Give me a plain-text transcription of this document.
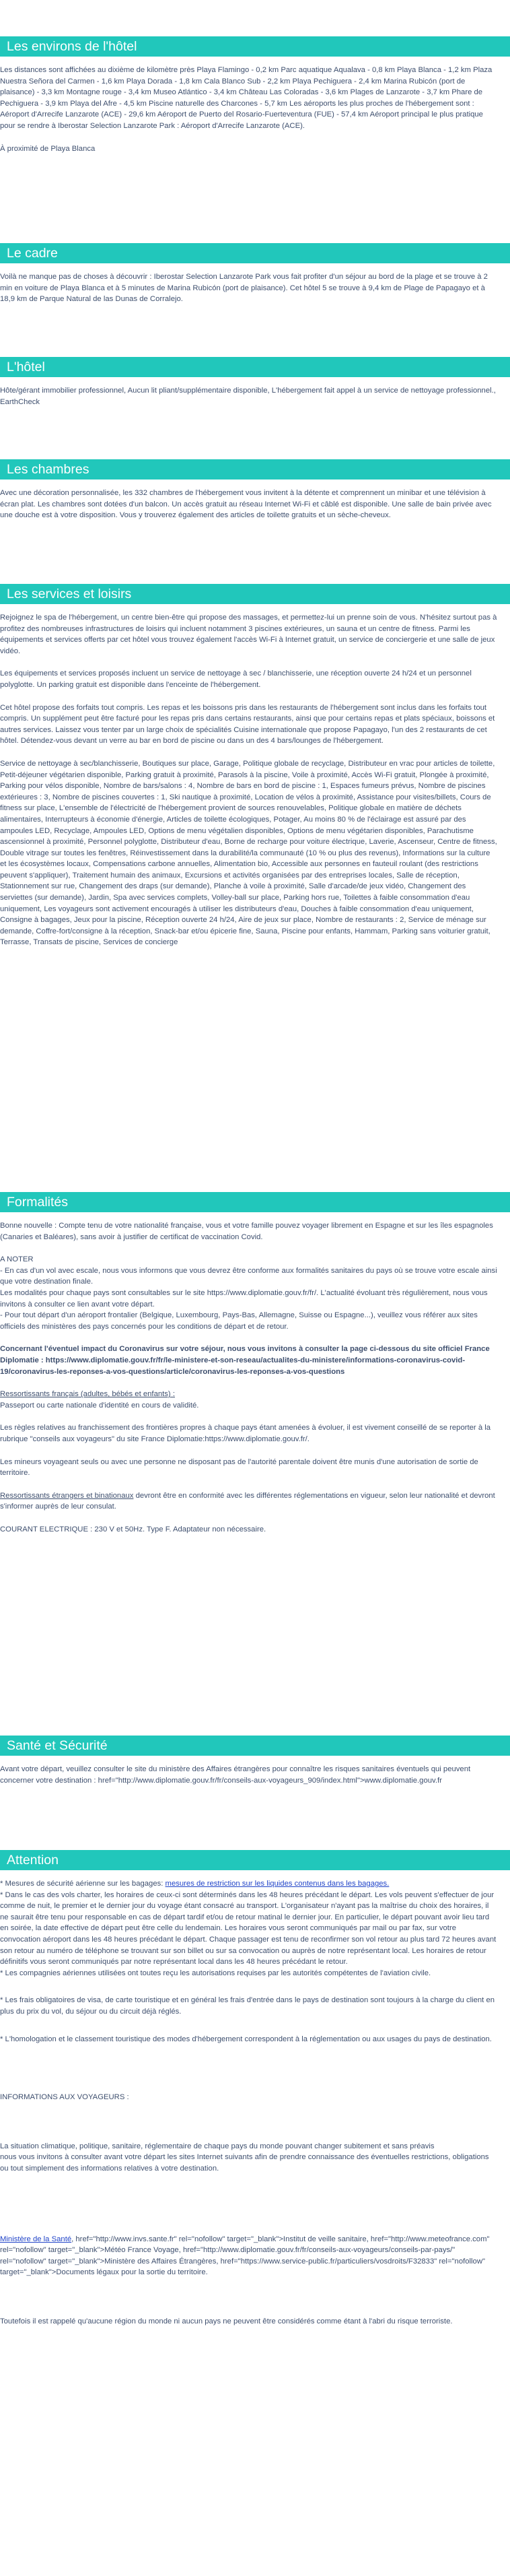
Les environs de l'hôtel

Les distances sont affichées au dixième de kilomètre près Playa Flamingo - 0,2 km Parc aquatique Aqualava - 0,8 km Playa Blanca - 1,2 km Plaza Nuestra Señora del Carmen - 1,6 km Playa Dorada - 1,8 km Cala Blanco Sub - 2,2 km Playa Pechiguera - 2,4 km Marina Rubicón (port de plaisance) - 3,3 km Montagne rouge - 3,4 km Museo Atlántico - 3,4 km Château Las Coloradas - 3,6 km Plages de Lanzarote - 3,7 km Phare de Pechiguera - 3,9 km Playa del Afre - 4,5 km Piscine naturelle des Charcones - 5,7 km Les aéroports les plus proches de l'hébergement sont : Aéroport d'Arrecife Lanzarote (ACE) - 29,6 km Aéroport de Puerto del Rosario-Fuerteventura (FUE) - 57,4 km Aéroport principal le plus pratique pour se rendre à Iberostar Selection Lanzarote Park : Aéroport d'Arrecife Lanzarote (ACE).

À proximité de Playa Blanca

Le cadre

Voilà ne manque pas de choses à découvrir : Iberostar Selection Lanzarote Park vous fait profiter d'un séjour au bord de la plage et se trouve à 2 min en voiture de Playa Blanca et à 5 minutes de Marina Rubicón (port de plaisance). Cet hôtel 5 se trouve à 9,4 km de Plage de Papagayo et à 18,9 km de Parque Natural de las Dunas de Corralejo.

L'hôtel

Hôte/gérant immobilier professionnel, Aucun lit pliant/supplémentaire disponible, L'hébergement fait appel à un service de nettoyage professionnel., EarthCheck

Les chambres

Avec une décoration personnalisée, les 332 chambres de l'hébergement vous invitent à la détente et comprennent un minibar et une télévision à écran plat. Les chambres sont dotées d'un balcon. Un accès gratuit au réseau Internet Wi-Fi et câblé est disponible. Une salle de bain privée avec une douche est à votre disposition. Vous y trouverez également des articles de toilette gratuits et un sèche-cheveux.

Les services et loisirs

Rejoignez le spa de l'hébergement, un centre bien-être qui propose des massages, et permettez-lui un prenne soin de vous. N'hésitez surtout pas à profitez des nombreuses infrastructures de loisirs qui incluent notamment 3 piscines extérieures, un sauna et un centre de fitness. Parmi les équipements et services offerts par cet hôtel vous trouvez également l'accès Wi-Fi à Internet gratuit, un service de conciergerie et une salle de jeux vidéo.

Les équipements et services proposés incluent un service de nettoyage à sec / blanchisserie, une réception ouverte 24 h/24 et un personnel polyglotte. Un parking gratuit est disponible dans l'enceinte de l'hébergement.

Cet hôtel propose des forfaits tout compris. Les repas et les boissons pris dans les restaurants de l'hébergement sont inclus dans les forfaits tout compris. Un supplément peut être facturé pour les repas pris dans certains restaurants, ainsi que pour certains repas et plats spéciaux, boissons et autres services. Laissez vous tenter par un large choix de spécialités Cuisine internationale que propose Papagayo, l'un des 2 restaurants de cet hôtel. Détendez-vous devant un verre au bar en bord de piscine ou dans un des 4 bars/lounges de l'hébergement.

Service de nettoyage à sec/blanchisserie, Boutiques sur place, Garage, Politique globale de recyclage, Distributeur en vrac pour articles de toilette, Petit-déjeuner végétarien disponible, Parking gratuit à proximité, Parasols à la piscine, Voile à proximité, Accès Wi-Fi gratuit, Plongée à proximité, Parking pour vélos disponible, Nombre de bars/salons : 4, Nombre de bars en bord de piscine : 1, Espaces fumeurs prévus, Nombre de piscines extérieures : 3, Nombre de piscines couvertes : 1, Ski nautique à proximité, Location de vélos à proximité, Assistance pour visites/billets, Cours de fitness sur place, L'ensemble de l'électricité de l'hébergement provient de sources renouvelables, Politique globale en matière de déchets alimentaires, Interrupteurs à économie d'énergie, Articles de toilette écologiques, Potager, Au moins 80 % de l'éclairage est assuré par des ampoules LED, Recyclage, Ampoules LED, Options de menu végétalien disponibles, Options de menu végétarien disponibles, Parachutisme ascensionnel à proximité, Personnel polyglotte, Distributeur d'eau, Borne de recharge pour voiture électrique, Laverie, Ascenseur, Centre de fitness, Double vitrage sur toutes les fenêtres, Réinvestissement dans la durabilité/la communauté (10 % ou plus des revenus), Informations sur la culture et les écosystèmes locaux, Compensations carbone annuelles, Alimentation bio, Accessible aux personnes en fauteuil roulant (des restrictions peuvent s'appliquer), Traitement humain des animaux, Excursions et activités organisées par des entreprises locales, Salle de réception, Stationnement sur rue, Changement des draps (sur demande), Planche à voile à proximité, Salle d'arcade/de jeux vidéo, Changement des serviettes (sur demande), Jardin, Spa avec services complets, Volley-ball sur place, Parking hors rue, Toilettes à faible consommation d'eau uniquement, Les voyageurs sont activement encouragés à utiliser les distributeurs d'eau, Douches à faible consommation d'eau uniquement, Consigne à bagages, Jeux pour la piscine, Réception ouverte 24 h/24, Aire de jeux sur place, Nombre de restaurants : 2, Service de ménage sur demande, Coffre-fort/consigne à la réception, Snack-bar et/ou épicerie fine, Sauna, Piscine pour enfants, Hammam, Parking sans voiturier gratuit, Terrasse, Transats de piscine, Services de concierge

Formalités

Bonne nouvelle : Compte tenu de votre nationalité française, vous et votre famille pouvez voyager librement en Espagne et sur les îles espagnoles (Canaries et Baléares), sans avoir à justifier de certificat de vaccination Covid.

A NOTER

- En cas d'un vol avec escale, nous vous informons que vous devrez être conforme aux formalités sanitaires du pays où se trouve votre escale ainsi que votre destination finale.

Les modalités pour chaque pays sont consultables sur le site https://www.diplomatie.gouv.fr/fr/. L'actualité évoluant très régulièrement, nous vous invitons à consulter ce lien avant votre départ.

- Pour tout départ d'un aéroport frontalier (Belgique, Luxembourg, Pays-Bas, Allemagne, Suisse ou Espagne...), veuillez vous référer aux sites officiels des ministères des pays concernés pour les conditions de départ et de retour.

Concernant l'éventuel impact du Coronavirus sur votre séjour, nous vous invitons à consulter la page ci-dessous du site officiel France Diplomatie : https://www.diplomatie.gouv.fr/fr/le-ministere-et-son-reseau/actualites-du-ministere/informations-coronavirus-covid-19/coronavirus-les-reponses-a-vos-questions/article/coronavirus-les-reponses-a-vos-questions

Ressortissants français (adultes, bébés et enfants) :

Passeport ou carte nationale d'identité en cours de validité.

Les règles relatives au franchissement des frontières propres à chaque pays étant amenées à évoluer, il est vivement conseillé de se reporter à la rubrique "conseils aux voyageurs" du site France Diplomatie:https://www.diplomatie.gouv.fr/.

Les mineurs voyageant seuls ou avec une personne ne disposant pas de l'autorité parentale doivent être munis d'une autorisation de sortie de territoire.

Ressortissants étrangers et binationaux devront être en conformité avec les différentes réglementations en vigueur, selon leur nationalité et devront s'informer auprès de leur consulat.

COURANT ELECTRIQUE : 230 V et 50Hz. Type F. Adaptateur non nécessaire.

Santé et Sécurité

Avant votre départ, veuillez consulter le site du ministère des Affaires étrangères pour connaître les risques sanitaires éventuels qui peuvent concerner votre destination : href="http://www.diplomatie.gouv.fr/fr/conseils-aux-voyageurs_909/index.html">www.diplomatie.gouv.fr

Attention

* Mesures de sécurité aérienne sur les bagages: mesures de restriction sur les liquides contenus dans les bagages.

* Dans le cas des vols charter, les horaires de ceux-ci sont déterminés dans les 48 heures précédant le départ. Les vols peuvent s'effectuer de jour comme de nuit, le premier et le dernier jour du voyage étant consacré au transport. L'organisateur n'ayant pas la maîtrise du choix des horaires, il ne saurait être tenu pour responsable en cas de départ tardif et/ou de retour matinal le dernier jour. En particulier, le départ pouvant avoir lieu tard en soirée, la date effective de départ peut être celle du lendemain. Les horaires vous seront communiqués par mail ou par fax, sur votre convocation aéroport dans les 48 heures précédant le départ. Chaque passager est tenu de reconfirmer son vol retour au plus tard 72 heures avant son retour au numéro de téléphone se trouvant sur son billet ou sur sa convocation ou auprès de notre représentant local. Les horaires de retour définitifs vous seront communiqués par notre représentant local dans les 48 heures précédant le retour.

* Les compagnies aériennes utilisées ont toutes reçu les autorisations requises par les autorités compétentes de l'aviation civile.

* Les frais obligatoires de visa, de carte touristique et en général les frais d'entrée dans le pays de destination sont toujours à la charge du client en plus du prix du vol, du séjour ou du circuit déjà réglés.

* L'homologation et le classement touristique des modes d'hébergement correspondent à la réglementation ou aux usages du pays de destination.

INFORMATIONS AUX VOYAGEURS :

La situation climatique, politique, sanitaire, réglementaire de chaque pays du monde pouvant changer subitement et sans préavis

nous vous invitons à consulter avant votre départ les sites Internet suivants afin de prendre connaissance des éventuelles restrictions, obligations ou tout simplement des informations relatives à votre destination.

Ministère de la Santé, href="http://www.invs.sante.fr" rel="nofollow" target="_blank">Institut de veille sanitaire, href="http://www.meteofrance.com" rel="nofollow" target="_blank">Météo France Voyage, href="http://www.diplomatie.gouv.fr/fr/conseils-aux-voyageurs/conseils-par-pays/" rel="nofollow" target="_blank">Ministère des Affaires Étrangères, href="https://www.service-public.fr/particuliers/vosdroits/F32833" rel="nofollow" target="_blank">Documents légaux pour la sortie du territoire.

Toutefois il est rappelé qu'aucune région du monde ni aucun pays ne peuvent être considérés comme étant à l'abri du risque terroriste.
